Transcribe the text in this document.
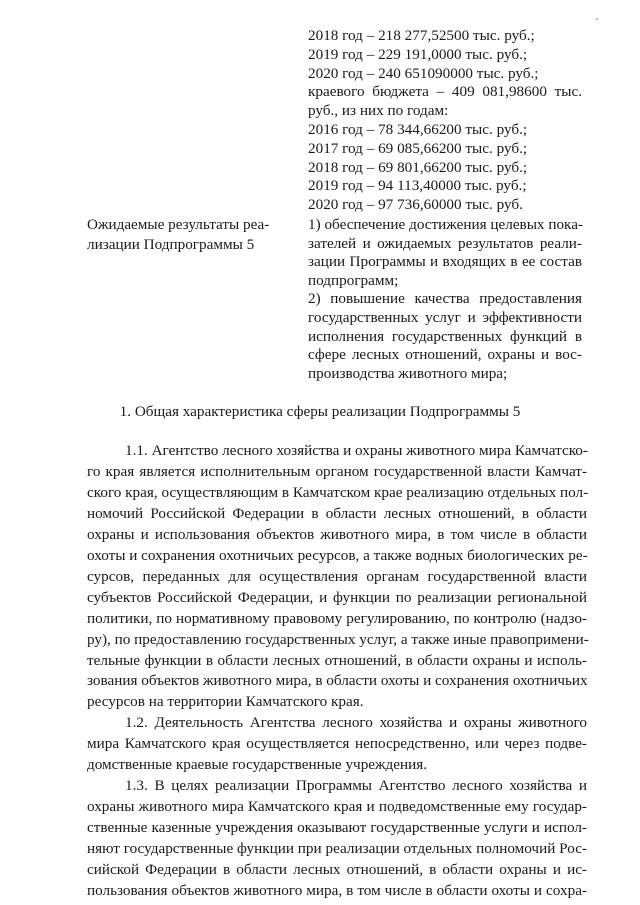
2018 год – 218 277,52500 тыс. руб.;
2019 год – 229 191,0000 тыс. руб.;
2020 год – 240 651090000 тыс. руб.;
краевого бюджета – 409 081,98600 тыс.
руб., из них по годам:
2016 год – 78 344,66200 тыс. руб.;
2017 год – 69 085,66200 тыс. руб.;
2018 год – 69 801,66200 тыс. руб.;
2019 год – 94 113,40000 тыс. руб.;
2020 год – 97 736,60000 тыс. руб.
Ожидаемые результаты реа-
лизации Подпрограммы 5
1) обеспечение достижения целевых пока-
зателей и ожидаемых результатов реали-
зации Программы и входящих в ее состав
подпрограмм;
2) повышение качества предоставления
государственных услуг и эффективности
исполнения государственных функций в
сфере лесных отношений, охраны и вос-
производства животного мира;
1. Общая характеристика сферы реализации Подпрограммы 5
1.1. Агентство лесного хозяйства и охраны животного мира Камчатско-
го края является исполнительным органом государственной власти Камчат-
ского края, осуществляющим в Камчатском крае реализацию отдельных пол-
номочий Российской Федерации в области лесных отношений, в области
охраны и использования объектов животного мира, в том числе в области
охоты и сохранения охотничьих ресурсов, а также водных биологических ре-
сурсов, переданных для осуществления органам государственной власти
субъектов Российской Федерации, и функции по реализации региональной
политики, по нормативному правовому регулированию, по контролю (надзо-
ру), по предоставлению государственных услуг, а также иные правопримени-
тельные функции в области лесных отношений, в области охраны и исполь-
зования объектов животного мира, в области охоты и сохранения охотничьих
ресурсов на территории Камчатского края.
1.2. Деятельность Агентства лесного хозяйства и охраны животного
мира Камчатского края осуществляется непосредственно, или через подве-
домственные краевые государственные учреждения.
1.3. В целях реализации Программы Агентство лесного хозяйства и
охраны животного мира Камчатского края и подведомственные ему государ-
ственные казенные учреждения оказывают государственные услуги и испол-
няют государственные функции при реализации отдельных полномочий Рос-
сийской Федерации в области лесных отношений, в области охраны и ис-
пользования объектов животного мира, в том числе в области охоты и сохра-
